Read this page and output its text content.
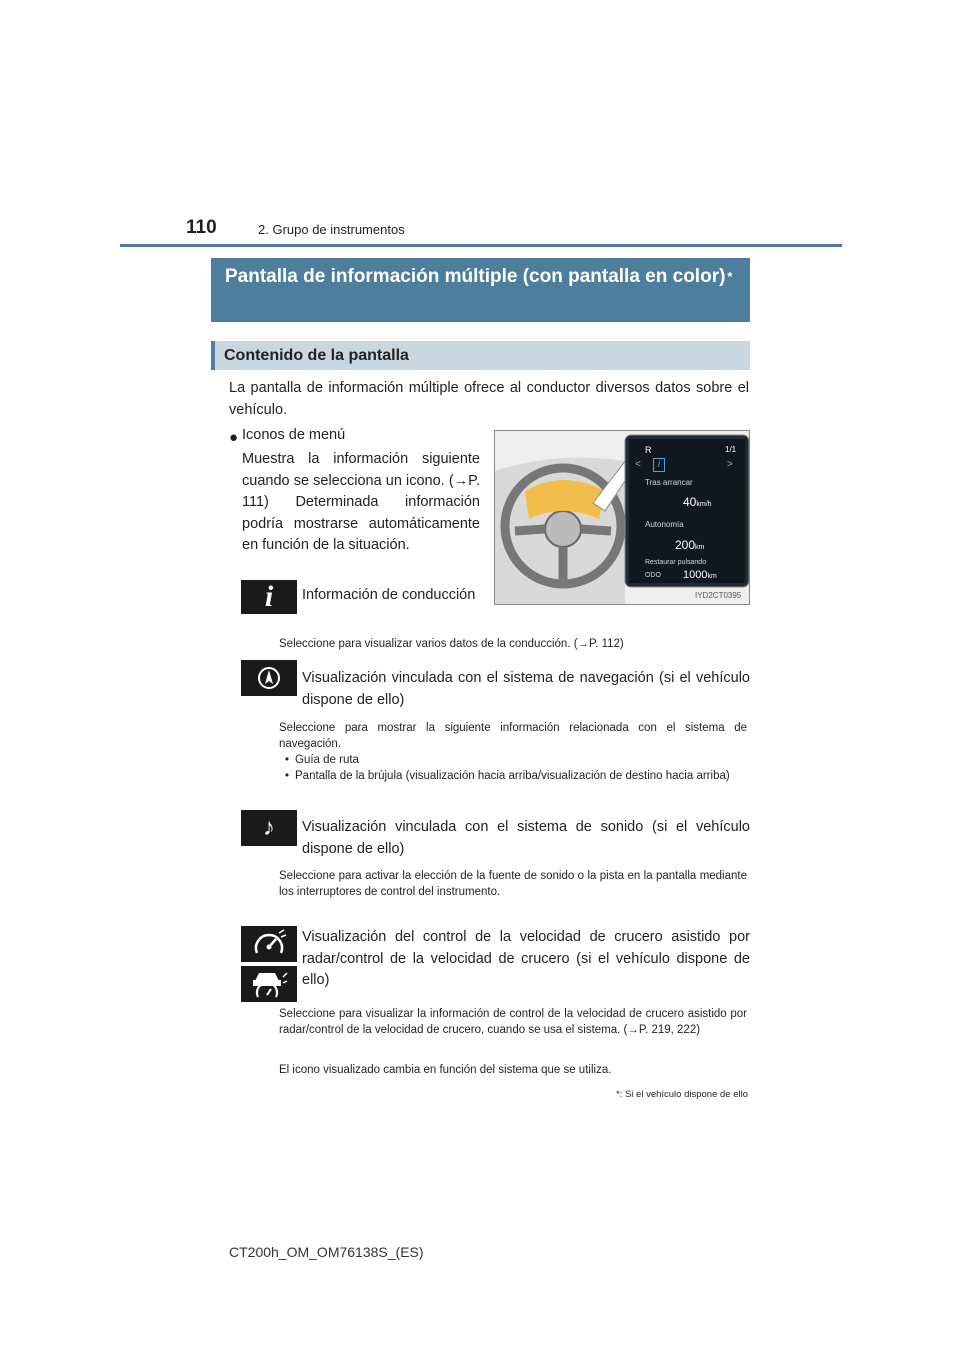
110	2. Grupo de instrumentos
Pantalla de información múltiple (con pantalla en color) *
Contenido de la pantalla
La pantalla de información múltiple ofrece al conductor diversos datos sobre el vehículo.
● Iconos de menú
Muestra la información siguiente cuando se selecciona un icono. (→P. 111) Determinada información podría mostrarse automáticamente en función de la situación.
R	1/1
i
<	>
Tras arrancar
40km/h
Autonomía
200km
Restaurar pulsando
ODO 1000km
IYD2CT0395
i Información de conducción
Seleccione para visualizar varios datos de la conducción. (→P. 112)
Visualización vinculada con el sistema de navegación (si el vehículo dispone de ello)
Seleccione para mostrar la siguiente información relacionada con el sistema de navegación.
• Guía de ruta
• Pantalla de la brújula (visualización hacia arriba/visualización de destino hacia arriba)
♪ Visualización vinculada con el sistema de sonido (si el vehículo dispone de ello)
Seleccione para activar la elección de la fuente de sonido o la pista en la pantalla mediante los interruptores de control del instrumento.
Visualización del control de la velocidad de crucero asistido por radar/control de la velocidad de crucero (si el vehículo dispone de ello)
Seleccione para visualizar la información de control de la velocidad de crucero asistido por radar/control de la velocidad de crucero, cuando se usa el sistema. (→P. 219, 222)
El icono visualizado cambia en función del sistema que se utiliza.
*: Si el vehículo dispone de ello
CT200h_OM_OM76138S_(ES)
